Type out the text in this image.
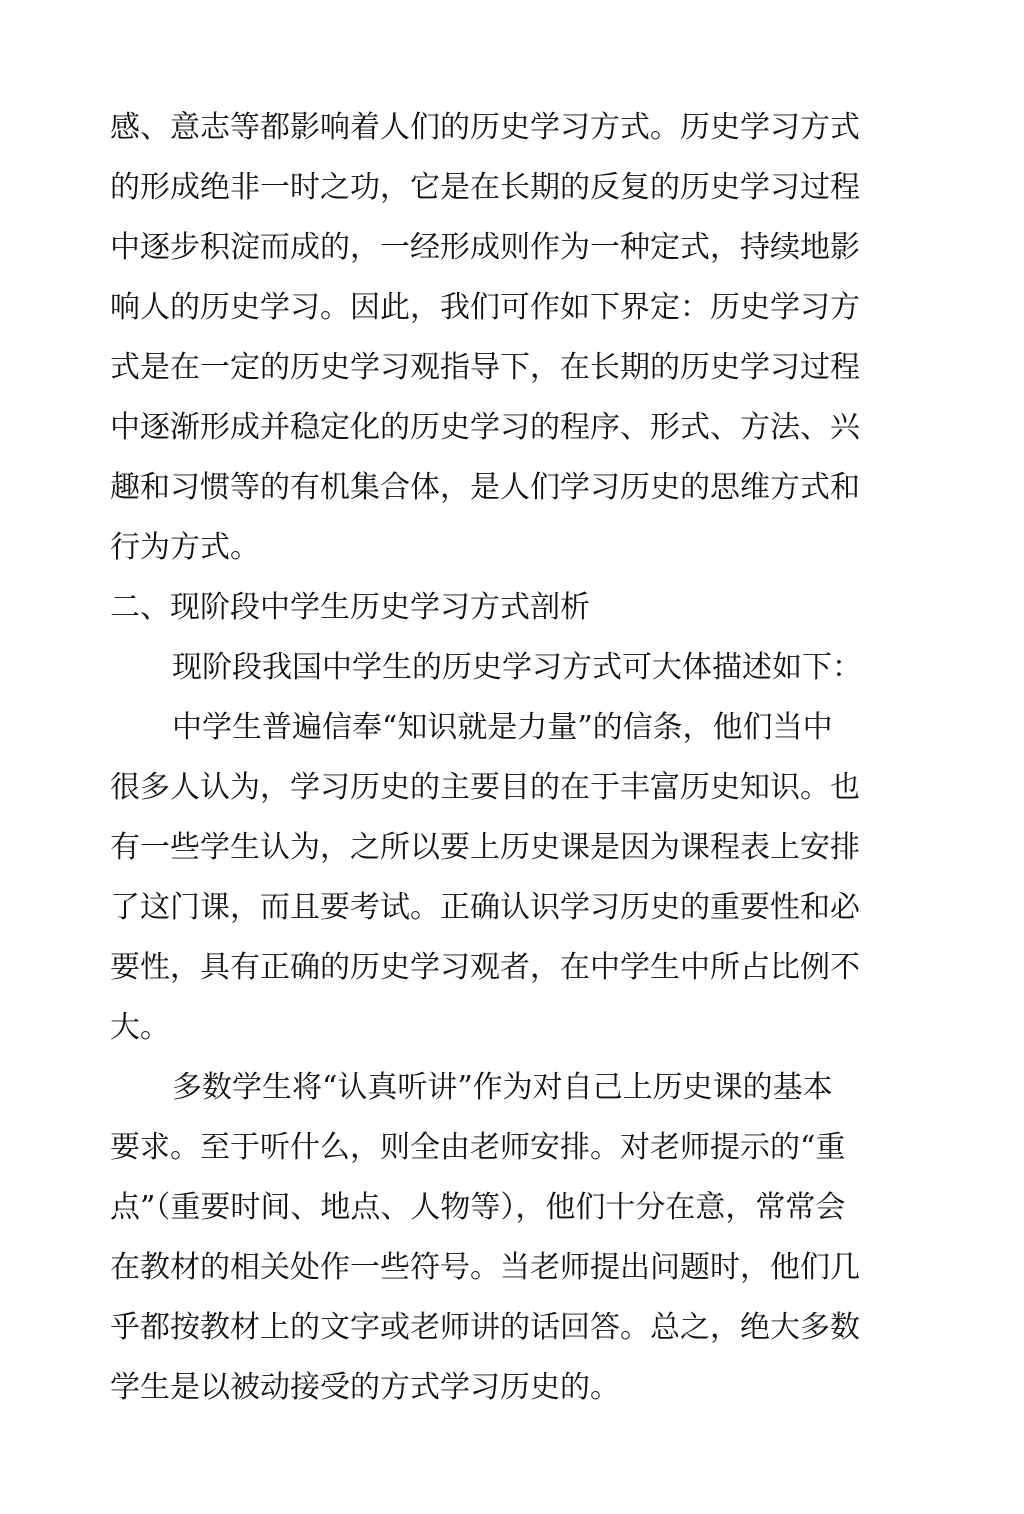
感、意志等都影响着人们的历史学习方式。历史学习方式
的形成绝非一时之功，它是在长期的反复的历史学习过程
中逐步积淀而成的，一经形成则作为一种定式，持续地影
响人的历史学习。因此，我们可作如下界定：历史学习方
式是在一定的历史学习观指导下，在长期的历史学习过程
中逐渐形成并稳定化的历史学习的程序、形式、方法、兴
趣和习惯等的有机集合体，是人们学习历史的思维方式和
行为方式。
二、现阶段中学生历史学习方式剖析
现阶段我国中学生的历史学习方式可大体描述如下：
中学生普遍信奉“知识就是力量”的信条，他们当中
很多人认为，学习历史的主要目的在于丰富历史知识。也
有一些学生认为，之所以要上历史课是因为课程表上安排
了这门课，而且要考试。正确认识学习历史的重要性和必
要性，具有正确的历史学习观者，在中学生中所占比例不
大。
多数学生将“认真听讲”作为对自己上历史课的基本
要求。至于听什么，则全由老师安排。对老师提示的“重
点”（重要时间、地点、人物等），他们十分在意，常常会
在教材的相关处作一些符号。当老师提出问题时，他们几
乎都按教材上的文字或老师讲的话回答。总之，绝大多数
学生是以被动接受的方式学习历史的。
